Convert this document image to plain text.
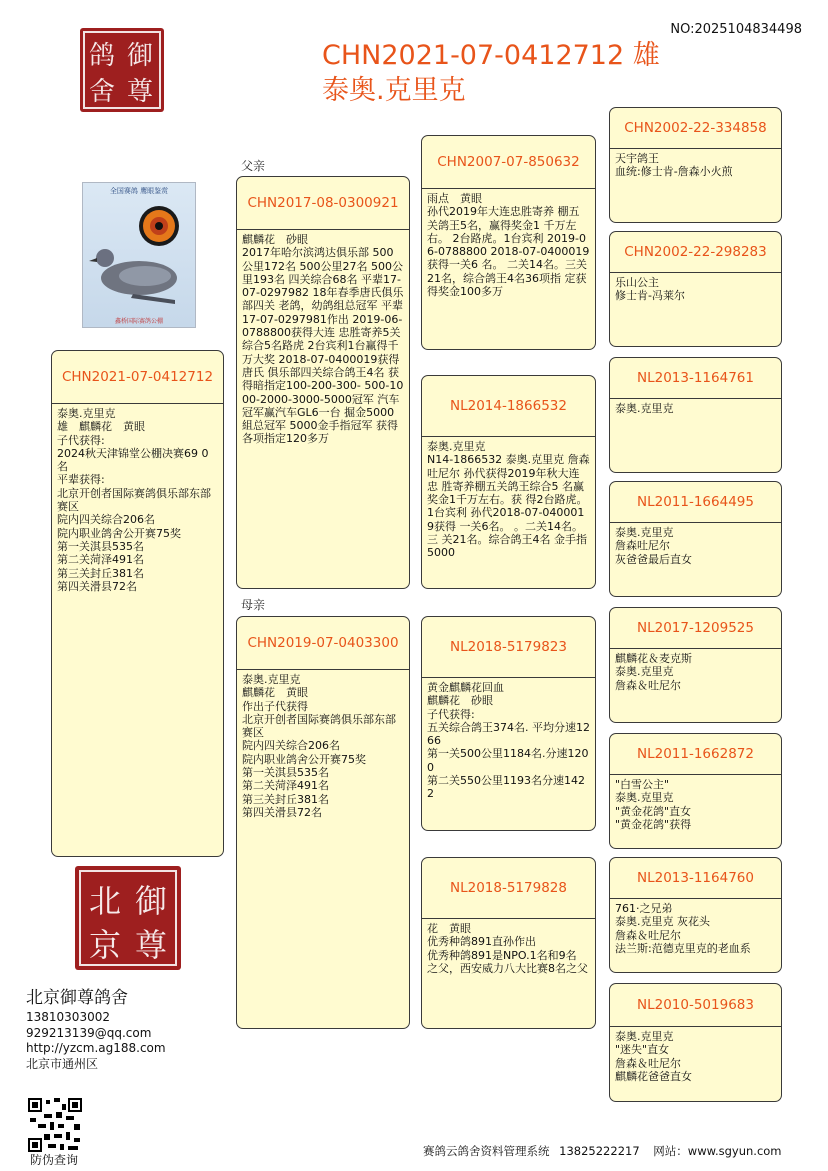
NO:2025104834498
鸽 御
舍 尊
CHN2021-07-0412712 雄
泰奥.克里克
全国赛鸽 鹰眼鉴赏
鑫桥国际赛鸽公棚
父亲
母亲
CHN2021-07-0412712
泰奥.克里克
雄　麒麟花　黄眼
子代获得:
2024秋天津锦堂公棚决赛69 0名
平辈获得:
北京开创者国际赛鸽俱乐部东部赛区
院内四关综合206名
院内职业鸽舍公开赛75奖
第一关淇县535名
第二关菏泽491名
第三关封丘381名
第四关滑县72名
CHN2017-08-0300921
麒麟花　砂眼
2017年哈尔滨鸿达俱乐部 500公里172名 500公里27名 500公里193名 四关综合68名 平辈17-07-0297982 18年春季唐氏俱乐部四关 老鸽，幼鸽组总冠军 平辈17-07-0297981作出 2019-06-0788800获得大连 忠胜寄养5关综合5名路虎 2台宾利1台赢得千万大奖 2018-07-0400019获得唐氏 俱乐部四关综合鸽王4名 获得暗指定100-200-300- 500-1000-2000-3000-5000冠军 汽车冠军赢汽车GL6一台 掘金5000組总冠军 5000金手指冠军 获得各项指定120多万
CHN2019-07-0403300
泰奥.克里克
麒麟花　黄眼
作出子代获得
北京开创者国际赛鸽俱乐部东部赛区
院内四关综合206名
院内职业鸽舍公开赛75奖
第一关淇县535名
第二关菏泽491名
第三关封丘381名
第四关滑县72名
CHN2007-07-850632
雨点　黄眼
孙代2019年大连忠胜寄养 棚五关鸽王5名，赢得奖金1 千万左右。 2台路虎。1台宾利 2019-06-0788800 2018-07-0400019获得一关6 名。 二关14名。三关21名，综合鸽王4名36项指 定获得奖金100多万
NL2014-1866532
泰奥.克里克
N14-1866532 泰奥.克里克 詹森吐尼尔 孙代获得2019年秋大连忠 胜寄养棚五关鸽王综合5 名赢奖金1千万左右。获 得2台路虎。 1台宾利 孙代2018-07-0400019获得 一关6名。 。二关14名。三 关21名。综合鸽王4名 金手指5000
NL2018-5179823
黄金麒麟花回血
麒麟花　砂眼
子代获得:
五关综合鸽王374名. 平均分速1266
第一关500公里1184名.分速1200
第二关550公里1193名分速1422
NL2018-5179828
花　黄眼
优秀种鸽891直孙作出
优秀种鸽891是NPO.1名和9名
之父，西安威力八大比赛8名之父
CHN2002-22-334858
天宇鸽王
血统:修士肯-詹森小火煎
CHN2002-22-298283
乐山公主
修士肯-冯莱尔
NL2013-1164761
泰奥.克里克
NL2011-1664495
泰奥.克里克
詹森吐尼尔
灰爸爸最后直女
NL2017-1209525
麒麟花＆麦克斯
泰奥.克里克
詹森＆吐尼尔
NL2011-1662872
"白雪公主"
泰奥.克里克
"黄金花鸽"直女
"黄金花鸽"获得
NL2013-1164760
761·之兄弟
泰奥.克里克 灰花头
詹森＆吐尼尔
法兰斯:范德克里克的老血系
NL2010-5019683
泰奥.克里克
"迷失"直女
詹森＆吐尼尔
麒麟花爸爸直女
北 御
京 尊
北京御尊鸽舍
13810303002
929213139@qq.com
http://yzcm.ag188.com
北京市通州区
防伪查询
赛鸽云鸽舍资料管理系统 13825222217 网站：www.sgyun.com
